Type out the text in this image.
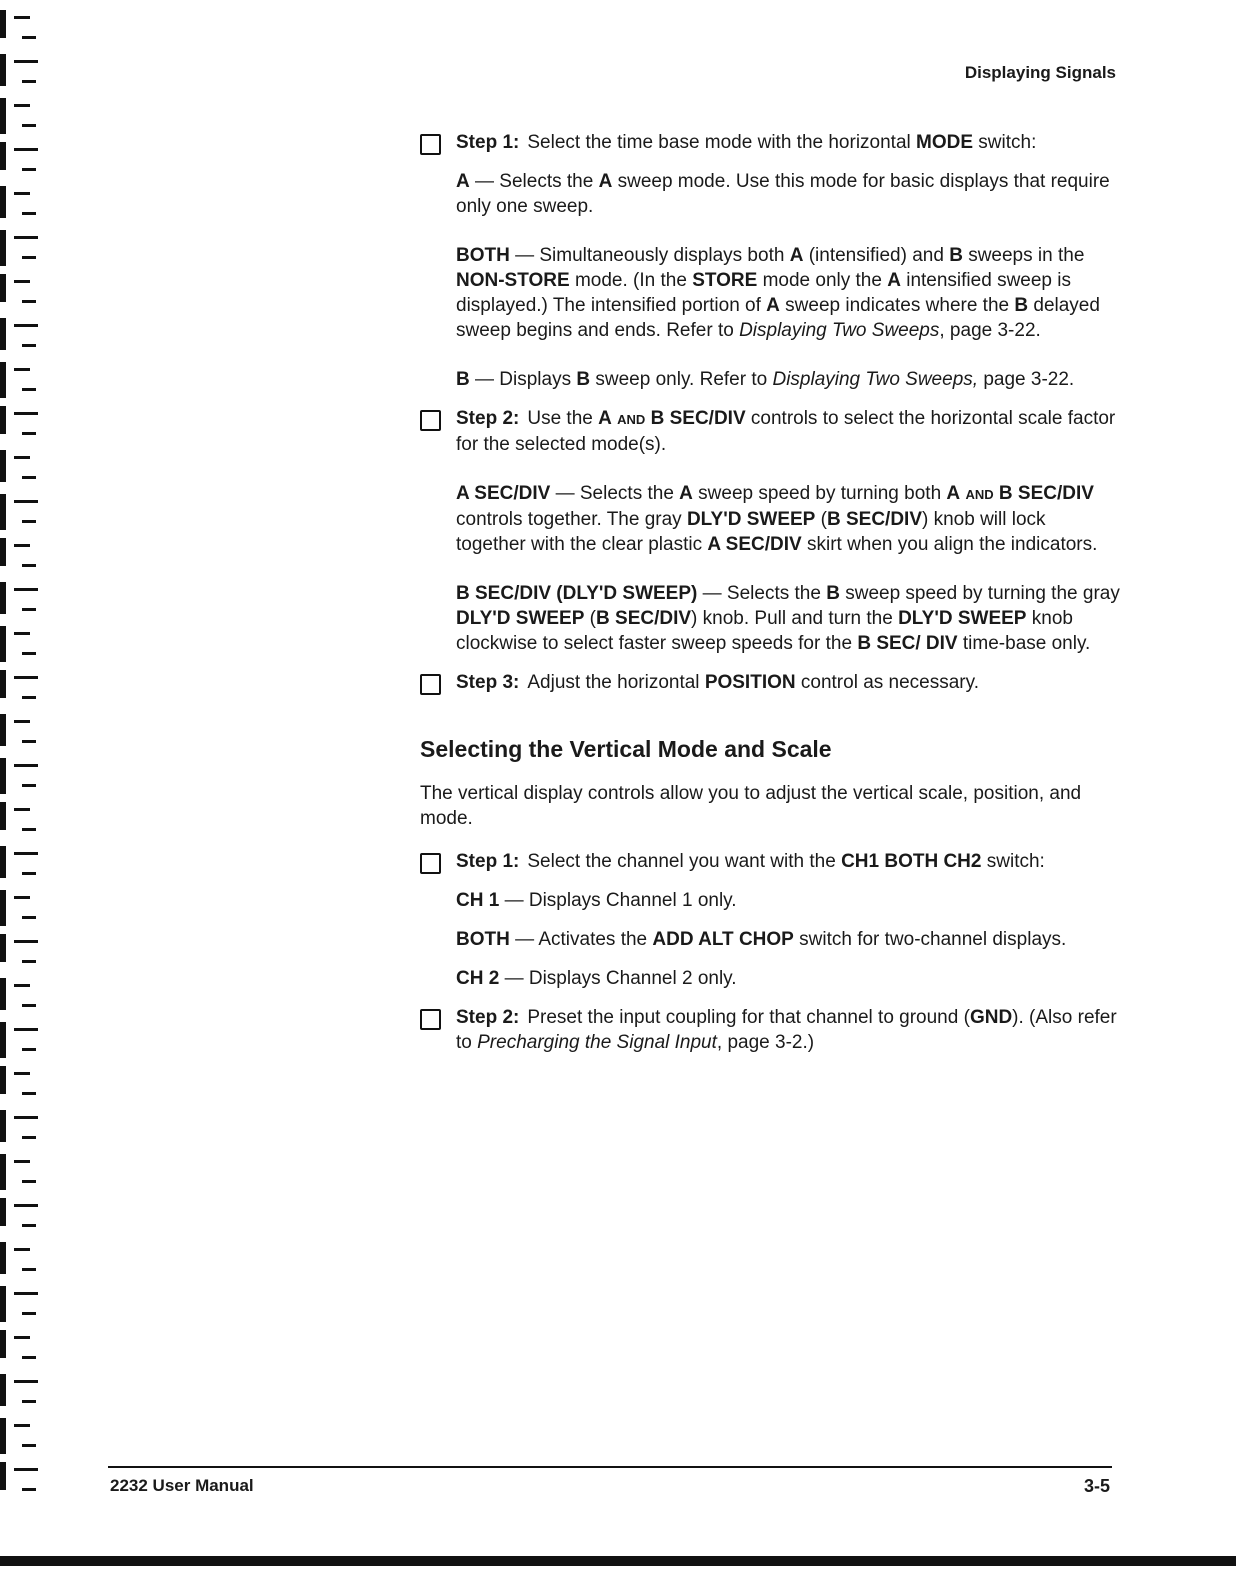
Displaying Signals
Step 1: Select the time base mode with the horizontal MODE switch:

A — Selects the A sweep mode. Use this mode for basic displays that require only one sweep.

BOTH — Simultaneously displays both A (intensified) and B sweeps in the NON-STORE mode. (In the STORE mode only the A intensified sweep is displayed.) The intensified portion of A sweep indicates where the B delayed sweep begins and ends. Refer to Displaying Two Sweeps, page 3-22.

B — Displays B sweep only. Refer to Displaying Two Sweeps, page 3-22.

Step 2: Use the A AND B SEC/DIV controls to select the horizontal scale factor for the selected mode(s).

A SEC/DIV — Selects the A sweep speed by turning both A AND B SEC/DIV controls together. The gray DLY'D SWEEP (B SEC/DIV) knob will lock together with the clear plastic A SEC/DIV skirt when you align the indicators.

B SEC/DIV (DLY'D SWEEP) — Selects the B sweep speed by turning the gray DLY'D SWEEP (B SEC/DIV) knob. Pull and turn the DLY'D SWEEP knob clockwise to select faster sweep speeds for the B SEC/ DIV time-base only.

Step 3: Adjust the horizontal POSITION control as necessary.
Selecting the Vertical Mode and Scale

The vertical display controls allow you to adjust the vertical scale, position, and mode.

Step 1: Select the channel you want with the CH1 BOTH CH2 switch:

CH 1 — Displays Channel 1 only.

BOTH — Activates the ADD ALT CHOP switch for two-channel displays.

CH 2 — Displays Channel 2 only.

Step 2: Preset the input coupling for that channel to ground (GND). (Also refer to Precharging the Signal Input, page 3-2.)
2232 User Manual	3-5
